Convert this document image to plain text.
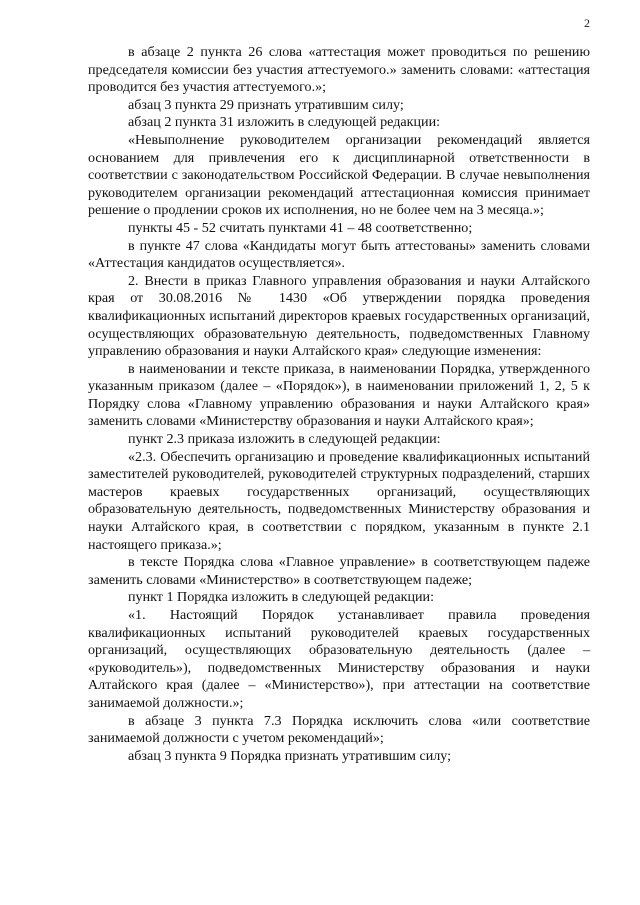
2

в абзаце 2 пункта 26 слова «аттестация может проводиться по решению председателя комиссии без участия аттестуемого.» заменить словами: «аттестация проводится без участия аттестуемого.»;

абзац 3 пункта 29 признать утратившим силу;

абзац 2 пункта 31 изложить в следующей редакции:

«Невыполнение руководителем организации рекомендаций является основанием для привлечения его к дисциплинарной ответственности в соответствии с законодательством Российской Федерации. В случае невыполнения руководителем организации рекомендаций аттестационная комиссия принимает решение о продлении сроков их исполнения, но не более чем на 3 месяца.»;

пункты 45 - 52 считать пунктами 41 – 48 соответственно;

в пункте 47 слова «Кандидаты могут быть аттестованы» заменить словами «Аттестация кандидатов осуществляется».

2. Внести в приказ Главного управления образования и науки Алтайского края от 30.08.2016 № 1430 «Об утверждении порядка проведения квалификационных испытаний директоров краевых государственных организаций, осуществляющих образовательную деятельность, подведомственных Главному управлению образования и науки Алтайского края» следующие изменения:

в наименовании и тексте приказа, в наименовании Порядка, утвержденного указанным приказом (далее – «Порядок»), в наименовании приложений 1, 2, 5 к Порядку слова «Главному управлению образования и науки Алтайского края» заменить словами «Министерству образования и науки Алтайского края»;

пункт 2.3 приказа изложить в следующей редакции:

«2.3. Обеспечить организацию и проведение квалификационных испытаний заместителей руководителей, руководителей структурных подразделений, старших мастеров краевых государственных организаций, осуществляющих образовательную деятельность, подведомственных Министерству образования и науки Алтайского края, в соответствии с порядком, указанным в пункте 2.1 настоящего приказа.»;

в тексте Порядка слова «Главное управление» в соответствующем падеже заменить словами «Министерство» в соответствующем падеже;

пункт 1 Порядка изложить в следующей редакции:

«1. Настоящий Порядок устанавливает правила проведения квалификационных испытаний руководителей краевых государственных организаций, осуществляющих образовательную деятельность (далее – «руководитель»), подведомственных Министерству образования и науки Алтайского края (далее – «Министерство»), при аттестации на соответствие занимаемой должности.»;

в абзаце 3 пункта 7.3 Порядка исключить слова «или соответствие занимаемой должности с учетом рекомендаций»;

абзац 3 пункта 9 Порядка признать утратившим силу;
